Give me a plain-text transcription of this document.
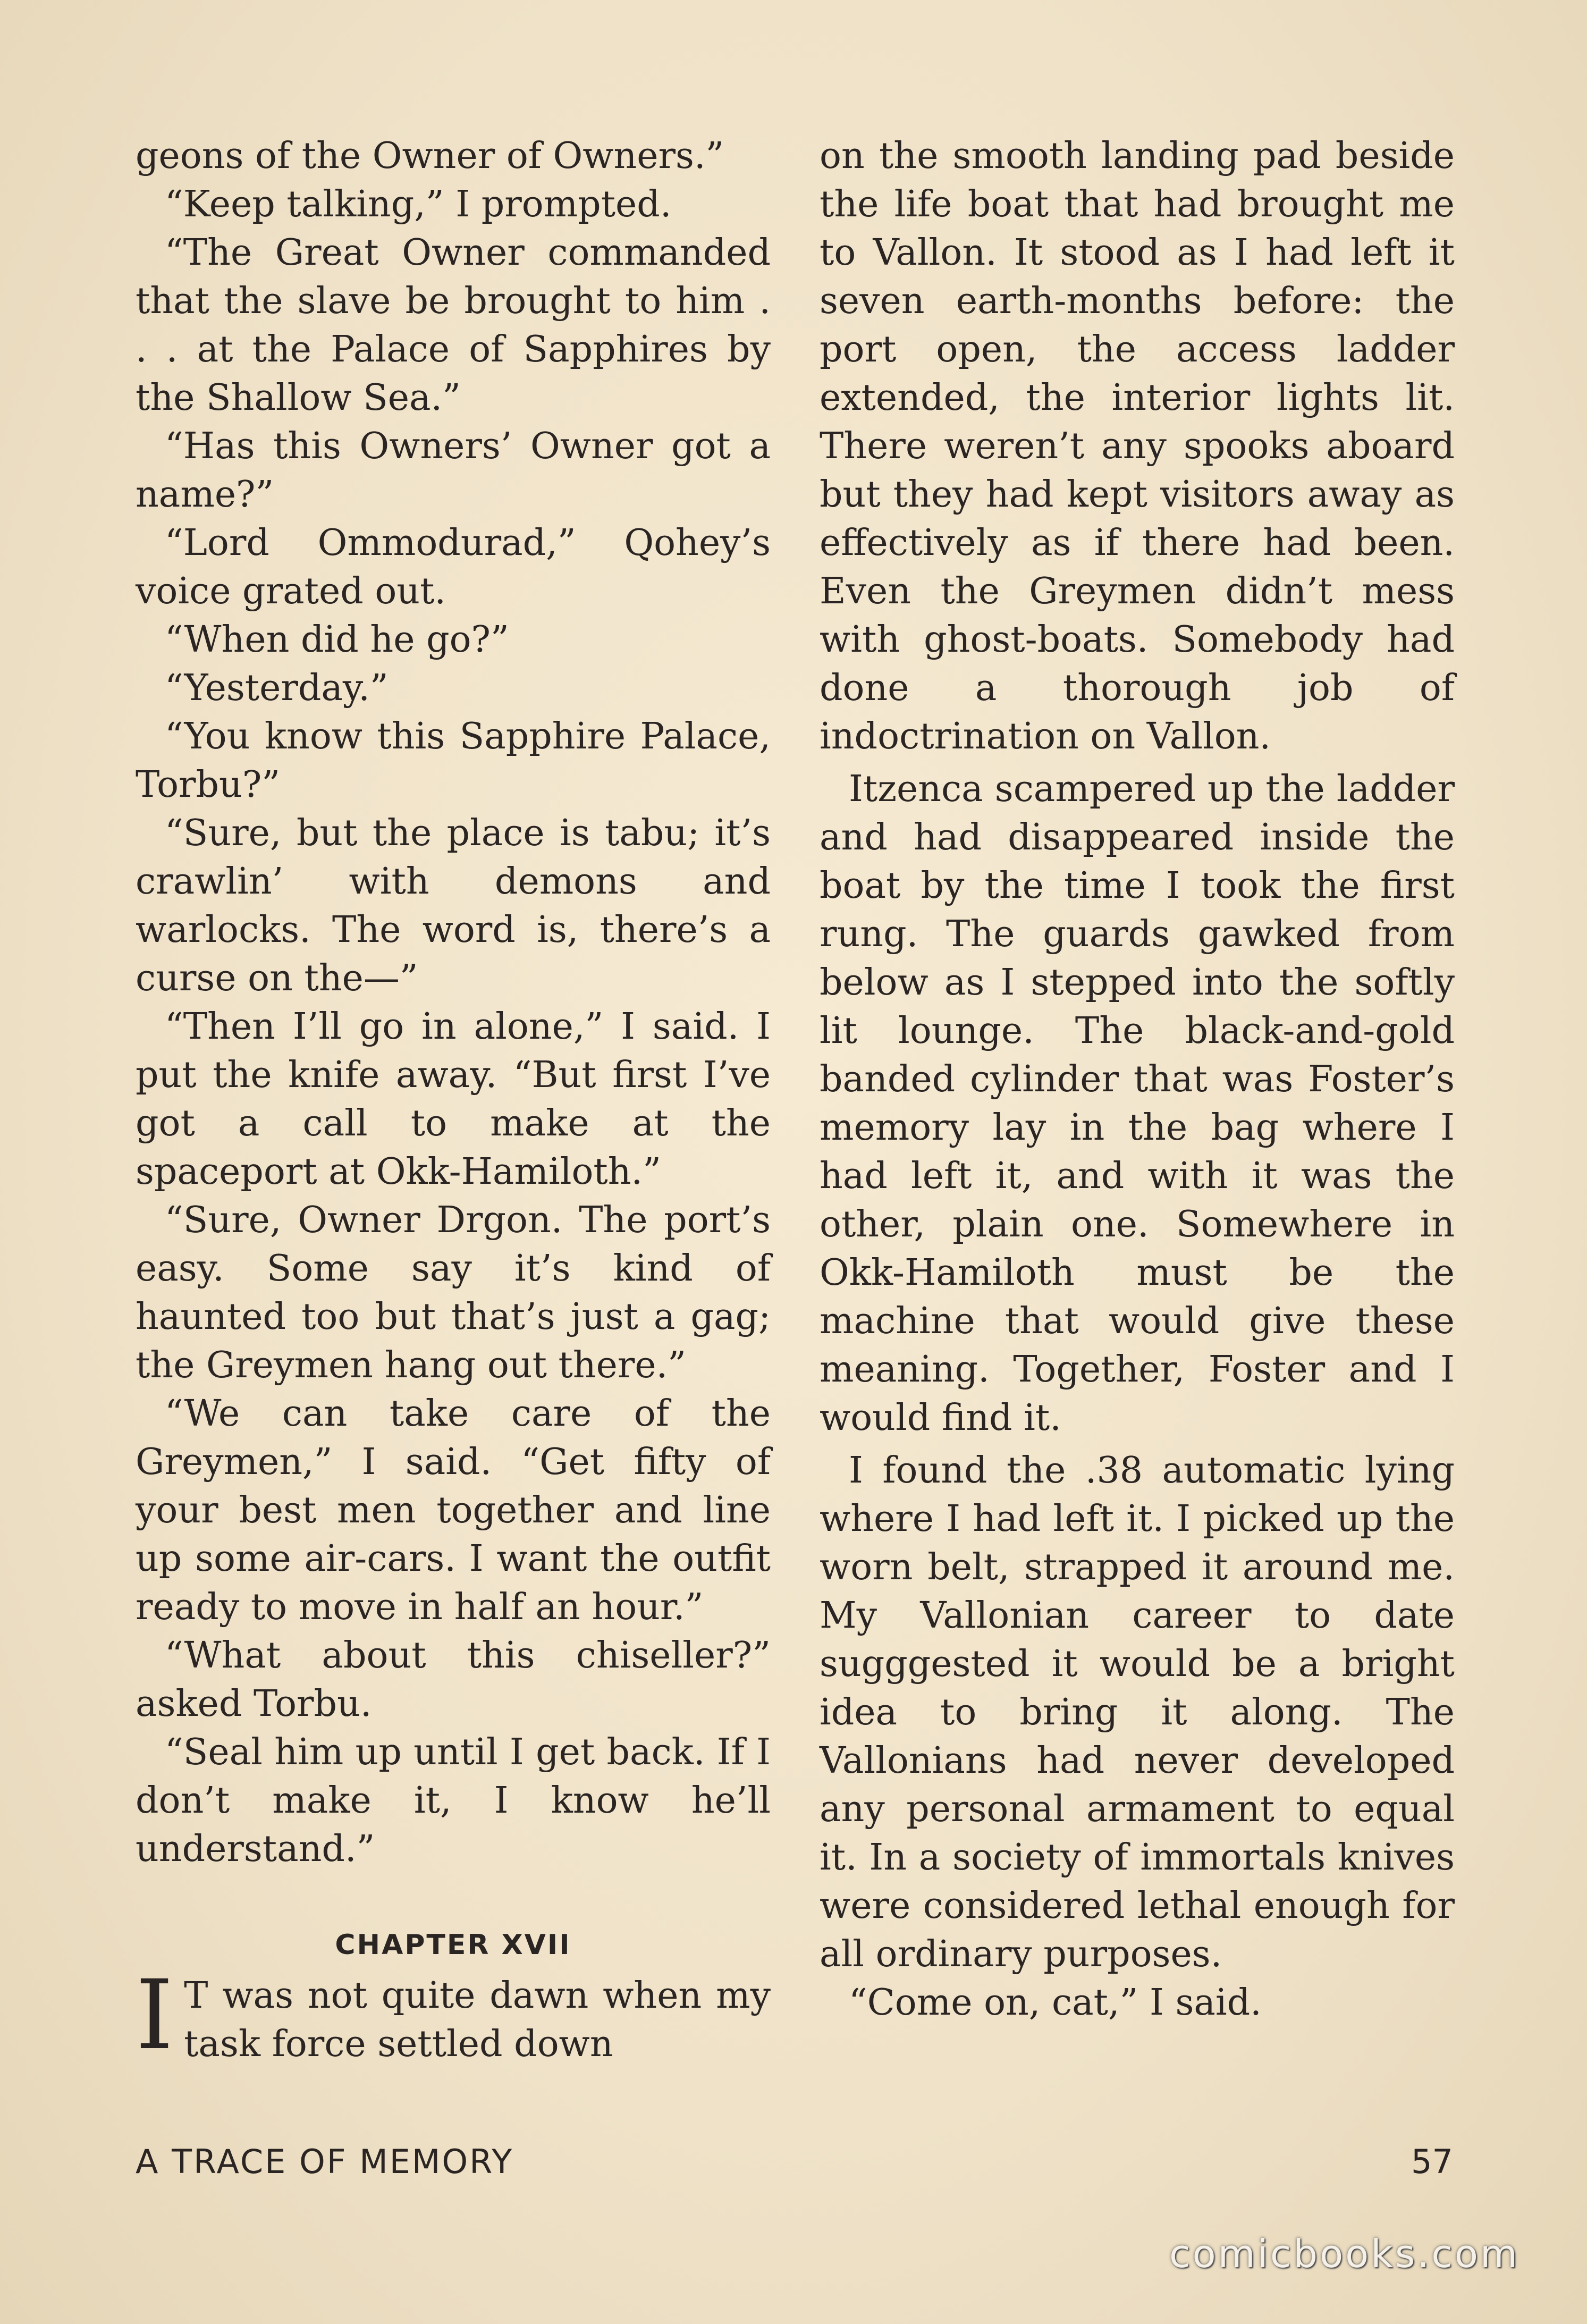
geons of the Owner of Owners.”

“Keep talking,” I prompted.

“The Great Owner commanded that the slave be brought to him . . . at the Palace of Sapphires by the Shallow Sea.”

“Has this Owners’ Owner got a name?”

“Lord Ommodurad,” Qohey’s voice grated out.

“When did he go?”

“Yesterday.”

“You know this Sapphire Palace, Torbu?”

“Sure, but the place is tabu; it’s crawlin’ with demons and warlocks. The word is, there’s a curse on the—”

“Then I’ll go in alone,” I said. I put the knife away. “But first I’ve got a call to make at the spaceport at Okk-Hamiloth.”

“Sure, Owner Drgon. The port’s easy. Some say it’s kind of haunted too but that’s just a gag; the Greymen hang out there.”

“We can take care of the Greymen,” I said. “Get fifty of your best men together and line up some air-cars. I want the outfit ready to move in half an hour.”

“What about this chiseller?” asked Torbu.

“Seal him up until I get back. If I don’t make it, I know he’ll understand.”

CHAPTER XVII

I T was not quite dawn when my task force settled down

on the smooth landing pad beside the life boat that had brought me to Vallon. It stood as I had left it seven earth-months before: the port open, the access ladder extended, the interior lights lit. There weren’t any spooks aboard but they had kept visitors away as effectively as if there had been. Even the Greymen didn’t mess with ghost-boats. Somebody had done a thorough job of indoctrination on Vallon.

Itzenca scampered up the ladder and had disappeared inside the boat by the time I took the first rung. The guards gawked from below as I stepped into the softly lit lounge. The black-and-gold banded cylinder that was Foster’s memory lay in the bag where I had left it, and with it was the other, plain one. Somewhere in Okk-Hamiloth must be the machine that would give these meaning. Together, Foster and I would find it.

I found the .38 automatic lying where I had left it. I picked up the worn belt, strapped it around me. My Vallonian career to date sugggested it would be a bright idea to bring it along. The Vallonians had never developed any personal armament to equal it. In a society of immortals knives were considered lethal enough for all ordinary purposes.

“Come on, cat,” I said.

A TRACE OF MEMORY	57
comicbooks.com
